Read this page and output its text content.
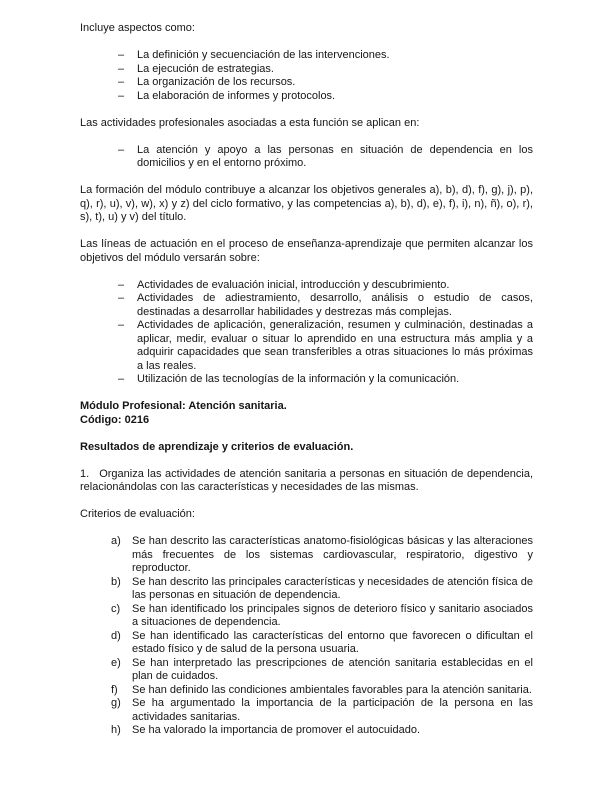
Incluye aspectos como:

–	La definición y secuenciación de las intervenciones.
–	La ejecución de estrategias.
–	La organización de los recursos.
–	La elaboración de informes y protocolos.

Las actividades profesionales asociadas a esta función se aplican en:

–	La atención y apoyo a las personas en situación de dependencia en los domicilios y en el entorno próximo.

La formación del módulo contribuye a alcanzar los objetivos generales a), b), d), f), g), j), p), q), r), u), v), w), x) y z) del ciclo formativo, y las competencias a), b), d), e), f), i), n), ñ), o), r), s), t), u) y v) del título.

Las líneas de actuación en el proceso de enseñanza-aprendizaje que permiten alcanzar los objetivos del módulo versarán sobre:

–	Actividades de evaluación inicial, introducción y descubrimiento.
–	Actividades de adiestramiento, desarrollo, análisis o estudio de casos, destinadas a desarrollar habilidades y destrezas más complejas.
–	Actividades de aplicación, generalización, resumen y culminación, destinadas a aplicar, medir, evaluar o situar lo aprendido en una estructura más amplia y a adquirir capacidades que sean transferibles a otras situaciones lo más próximas a las reales.
–	Utilización de las tecnologías de la información y la comunicación.

Módulo Profesional: Atención sanitaria.

Código: 0216

Resultados de aprendizaje y criterios de evaluación.

1. Organiza las actividades de atención sanitaria a personas en situación de dependencia, relacionándolas con las características y necesidades de las mismas.

Criterios de evaluación:

a)	Se han descrito las características anatomo-fisiológicas básicas y las alteraciones más frecuentes de los sistemas cardiovascular, respiratorio, digestivo y reproductor.
b)	Se han descrito las principales características y necesidades de atención física de las personas en situación de dependencia.
c)	Se han identificado los principales signos de deterioro físico y sanitario asociados a situaciones de dependencia.
d)	Se han identificado las características del entorno que favorecen o dificultan el estado físico y de salud de la persona usuaria.
e)	Se han interpretado las prescripciones de atención sanitaria establecidas en el plan de cuidados.
f)	Se han definido las condiciones ambientales favorables para la atención sanitaria.
g)	Se ha argumentado la importancia de la participación de la persona en las actividades sanitarias.
h)	Se ha valorado la importancia de promover el autocuidado.
